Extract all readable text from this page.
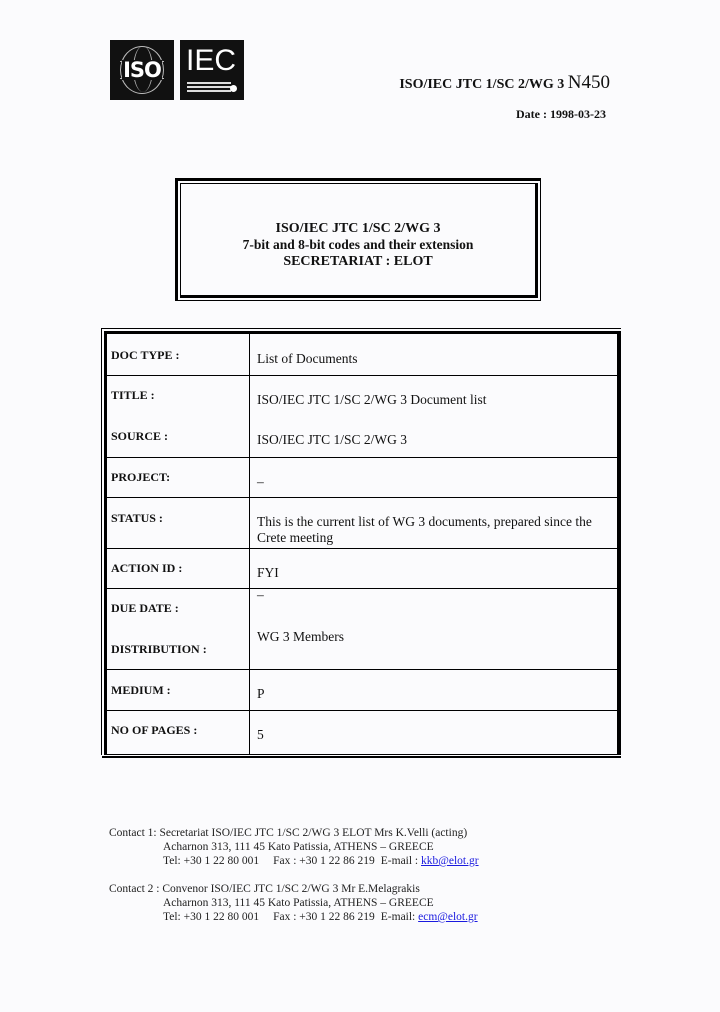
ISO IEC
ISO/IEC JTC 1/SC 2/WG 3 N450
Date : 1998-03-23
ISO/IEC JTC 1/SC 2/WG 3
7-bit and 8-bit codes and their extension
SECRETARIAT : ELOT
DOC TYPE :	List of Documents
TITLE :	ISO/IEC JTC 1/SC 2/WG 3 Document list
SOURCE :	ISO/IEC JTC 1/SC 2/WG 3
PROJECT:	–
STATUS :	This is the current list of WG 3 documents, prepared since the Crete meeting
ACTION ID :	FYI
DUE DATE :
–
DISTRIBUTION :
WG 3 Members
MEDIUM :	P
NO OF PAGES :	5
Contact 1: Secretariat ISO/IEC JTC 1/SC 2/WG 3 ELOT Mrs K.Velli (acting)
Acharnon 313, 111 45 Kato Patissia, ATHENS – GREECE
Tel: +30 1 22 80 001 Fax : +30 1 22 86 219 E-mail : kkb@elot.gr
Contact 2 : Convenor ISO/IEC JTC 1/SC 2/WG 3 Mr E.Melagrakis
Acharnon 313, 111 45 Kato Patissia, ATHENS – GREECE
Tel: +30 1 22 80 001 Fax : +30 1 22 86 219 E-mail: ecm@elot.gr
